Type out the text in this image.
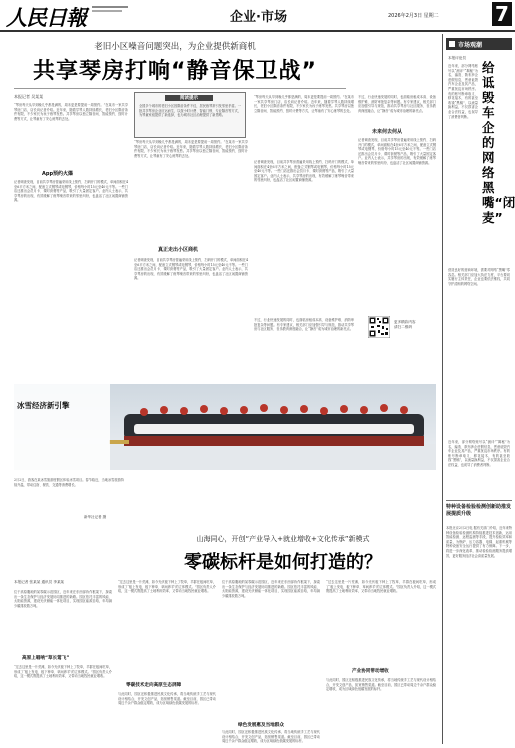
人民日報	企业·市场	2026年2月3日 星期二	7
老旧小区噪音问题突出，为企业提供新商机
共享琴房打响“静音保卫战”
本报记者 吴某某	阅读提示
全国多个城市的老旧小区因隔音条件不佳，居民练琴常引发邻里矛盾。一批共享琴房企业应运而生，以按小时计费、智能门锁、专业隔音等方式，为琴童家庭提供了新选择，也为城市社区治理提供了新思路。
“琴房每天从早到晚几乎都是满的，周末更是要提前一周预约。”在某市一家共享琴房门店，店长向记者介绍。近年来，随着学琴人数持续增长，老旧小区隔音条件有限，不少家长为孩子练琴发愁。共享琴房以独立隔音间、智能预约、按时计费等方式，让琴童有了安心练琴的去处。
App预约火爆
记者调查发现，目前共享琴房普遍采用线上预约、扫码开门的模式，单间面积在4至6平方米之间，配备立式钢琴或电钢琴，价格每小时15元至40元不等。一些门店还推出会员月卡、课时套餐等产品，吸引了大量固定客户。业内人士表示，共享琴房的出现，有效缓解了练琴噪音带来的邻里纠纷，也盘活了社区闲置商铺资源。
“琴房每天从早到晚几乎都是满的，周末更是要提前一周预约。”在某市一家共享琴房门店，店长向记者介绍。近年来，随着学琴人数持续增长，老旧小区隔音条件有限，不少家长为孩子练琴发愁。共享琴房以独立隔音间、智能预约、按时计费等方式，让琴童有了安心练琴的去处。
真正走出小区商机
记者调查发现，目前共享琴房普遍采用线上预约、扫码开门的模式，单间面积在4至6平方米之间，配备立式钢琴或电钢琴，价格每小时15元至40元不等。一些门店还推出会员月卡、课时套餐等产品，吸引了大量固定客户。业内人士表示，共享琴房的出现，有效缓解了练琴噪音带来的邻里纠纷，也盘活了社区闲置商铺资源。
“琴房每天从早到晚几乎都是满的，周末更是要提前一周预约。”在某市一家共享琴房门店，店长向记者介绍。近年来，随着学琴人数持续增长，老旧小区隔音条件有限，不少家长为孩子练琴发愁。共享琴房以独立隔音间、智能预约、按时计费等方式，让琴童有了安心练琴的去处。
记者调查发现，目前共享琴房普遍采用线上预约、扫码开门的模式，单间面积在4至6平方米之间，配备立式钢琴或电钢琴，价格每小时15元至40元不等。一些门店还推出会员月卡、课时套餐等产品，吸引了大量固定客户。业内人士表示，共享琴房的出现，有效缓解了练琴噪音带来的邻里纠纷，也盘活了社区闲置商铺资源。
不过，行业快速发展的同时，也面临房租成本高、设备维护难、消防审批复杂等问题。有专家建议，相关部门应加强引导与规范，推动共享琴房与社区服务、音乐教育深度融合，让“静音”成为城市治理的新亮点。
不过，行业快速发展的同时，也面临房租成本高、设备维护难、消防审批复杂等问题。有专家建议，相关部门应加强引导与规范，推动共享琴房与社区服务、音乐教育深度融合，让“静音”成为城市治理的新亮点。
未来何去何从
记者调查发现，目前共享琴房普遍采用线上预约、扫码开门的模式，单间面积在4至6平方米之间，配备立式钢琴或电钢琴，价格每小时15元至40元不等。一些门店还推出会员月卡、课时套餐等产品，吸引了大量固定客户。业内人士表示，共享琴房的出现，有效缓解了练琴噪音带来的邻里纠纷，也盘活了社区闲置商铺资源。
更多精彩内容
请扫二维码
冰雪经济新引擎
2月2日，游客在某冰雪旅游度假区体验冰雪项目。春节临近，当地冰雪旅游持续升温，带动住宿、餐饮、交通等消费增长。
新华社记者 摄
山海同心，开创“产业导入+就业增收+文化传承”新模式
零碳标杆是如何打造的？
本报记者 张某某 通讯员 李某某
位于高原腹地的某零碳示范园区，近年来在东西部协作框架下，探索出一条生态保护与经济发展协同推进的新路。园区依托丰富的风能、太阳能资源，建设光伏储能一体化项目，实现园区能源自给，年均减少碳排放数万吨。
高原上唱响“草长莺飞”
“过去这里是一片荒滩，如今光伏板下种上了牧草，羊群在板间吃草，形成了‘板上发电、板下种草、草间养羊’的立体模式。”园区负责人介绍，这一模式既提高了土地利用效率，又带动当地牧民就业增收。
“过去这里是一片荒滩，如今光伏板下种上了牧草，羊群在板间吃草，形成了‘板上发电、板下种草、草间养羊’的立体模式。”园区负责人介绍，这一模式既提高了土地利用效率，又带动当地牧民就业增收。
零碳技术走向高原生态屏障
与此同时，园区还积极推进民族文化传承，将当地传统手工艺与现代设计相结合，开发文创产品，拓宽销售渠道。截至目前，园区已带动周边千余户群众稳定增收，成为区域绿色低碳发展的标杆。
位于高原腹地的某零碳示范园区，近年来在东西部协作框架下，探索出一条生态保护与经济发展协同推进的新路。园区依托丰富的风能、太阳能资源，建设光伏储能一体化项目，实现园区能源自给，年均减少碳排放数万吨。
绿色发展惠及当地群众
与此同时，园区还积极推进民族文化传承，将当地传统手工艺与现代设计相结合，开发文创产品，拓宽销售渠道。截至目前，园区已带动周边千余户群众稳定增收，成为区域绿色低碳发展的标杆。
“过去这里是一片荒滩，如今光伏板下种上了牧草，羊群在板间吃草，形成了‘板上发电、板下种草、草间养羊’的立体模式。”园区负责人介绍，这一模式既提高了土地利用效率，又带动当地牧民就业增收。
产业协同带动增收
与此同时，园区还积极推进民族文化传承，将当地传统手工艺与现代设计相结合，开发文创产品，拓宽销售渠道。截至目前，园区已带动周边千余户群众稳定增收，成为区域绿色低碳发展的标杆。
市场观潮
给诋毁车企的网络黑嘴“闭麦”
本报评论员
近年来，部分网络账号以“测评”“揭秘”为名，编造、散布涉企虚假信息，恶意诋毁汽车企业及其产品，严重扰乱市场秩序。有的账号断章取义、移花接木，有的甚至收钱“黑稿”，以流量换利益，不仅损害企业合法权益，也误导了消费者判断。
营造良好的营商环境，需要对网络“黑嘴”零容忍。相关部门应加大执法力度，平台要切实履行主体责任，企业也要依法维权，共同守护清朗的网络空间。
近年来，部分网络账号以“测评”“揭秘”为名，编造、散布涉企虚假信息，恶意诋毁汽车企业及其产品，严重扰乱市场秩序。有的账号断章取义、移花接木，有的甚至收钱“黑稿”，以流量换利益，不仅损害企业合法权益，也误导了消费者判断。
特种设备检验检测创新助推发展提质升级
本报北京2月2日电 据有关部门介绍，近年来特种设备检验检测机构持续推进技术创新，运用智能检测、远程监测等手段，提升检验效率和质量，为锅炉、压力容器、电梯、起重机械等特种设备安全运行提供了有力保障。下一步，将进一步深化改革，推动检验检测服务提质增效，更好服务经济社会高质量发展。
